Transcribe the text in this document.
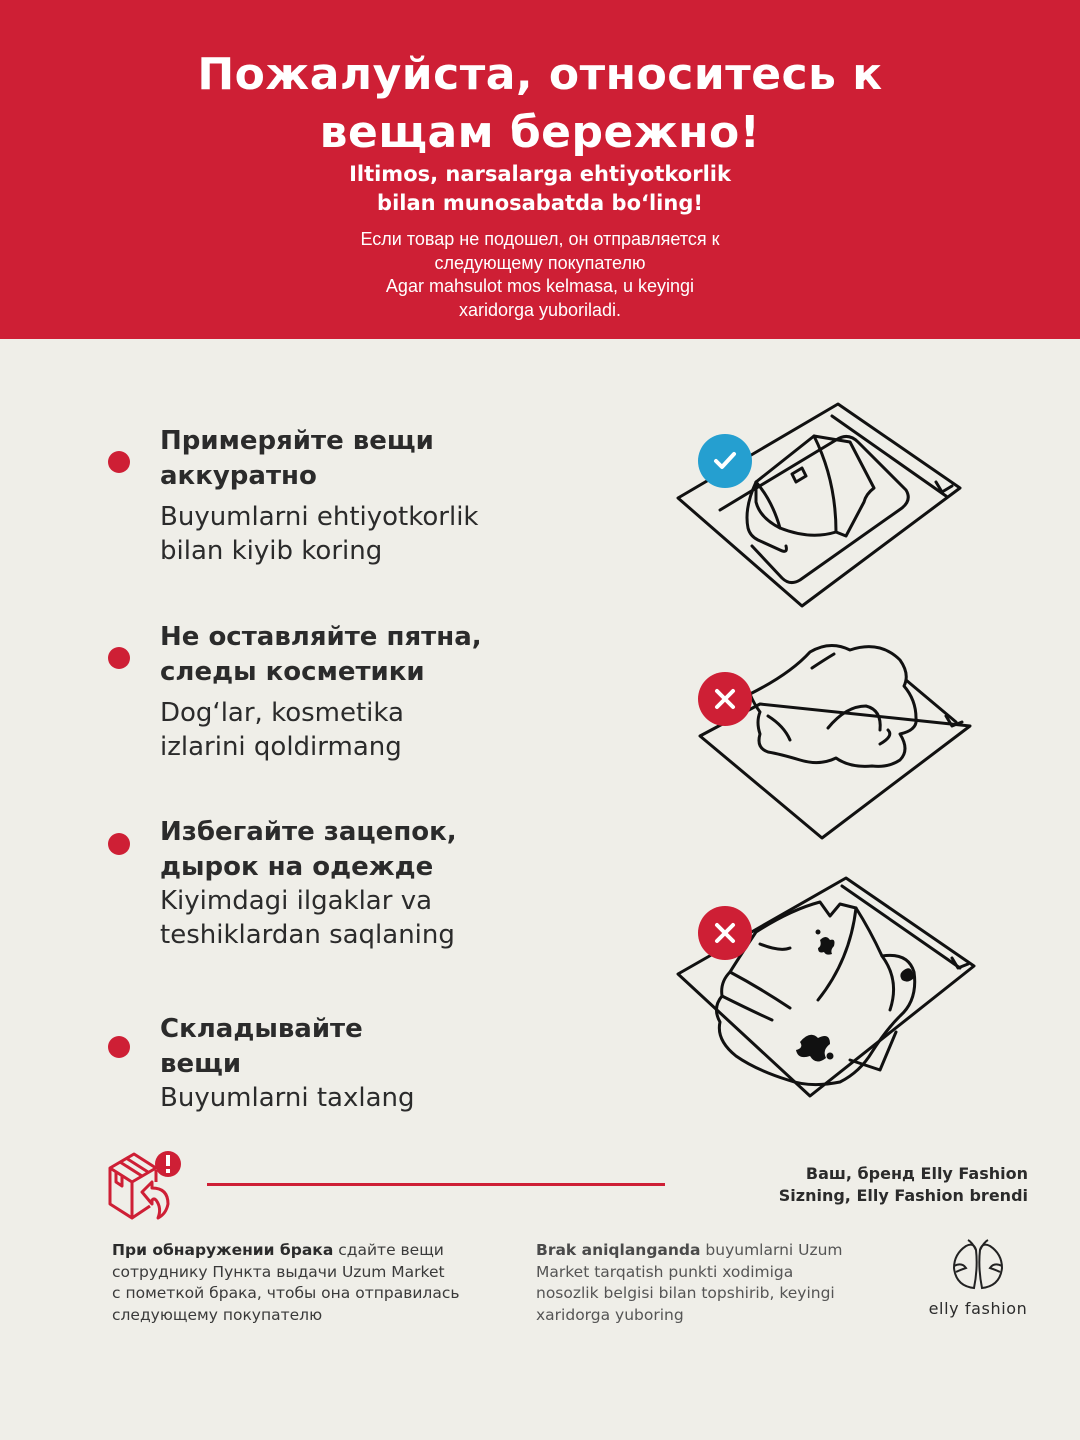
Пожалуйста, относитесь к
вещам бережно!
Iltimos, narsalarga ehtiyotkorlik
bilan munosabatda bo‘ling!
Если товар не подошел, он отправляется к
следующему покупателю
Agar mahsulot mos kelmasa, u keyingi
xaridorga yuboriladi.
Примеряйте вещи
аккуратно
Buyumlarni ehtiyotkorlik
bilan kiyib koring
Не оставляйте пятна,
следы косметики
Dog‘lar, kosmetika
izlarini qoldirmang
Избегайте зацепок,
дырок на одежде
Kiyimdagi ilgaklar va
teshiklardan saqlaning
Складывайте
вещи
Buyumlarni taxlang
Ваш, бренд Elly Fashion
Sizning, Elly Fashion brendi
При обнаружении брака сдайте вещи
сотруднику Пункта выдачи Uzum Market
с пометкой брака, чтобы она отправилась
следующему покупателю
Brak aniqlanganda buyumlarni Uzum
Market tarqatish punkti xodimiga
nosozlik belgisi bilan topshirib, keyingi
xaridorga yuboring	elly fashion
